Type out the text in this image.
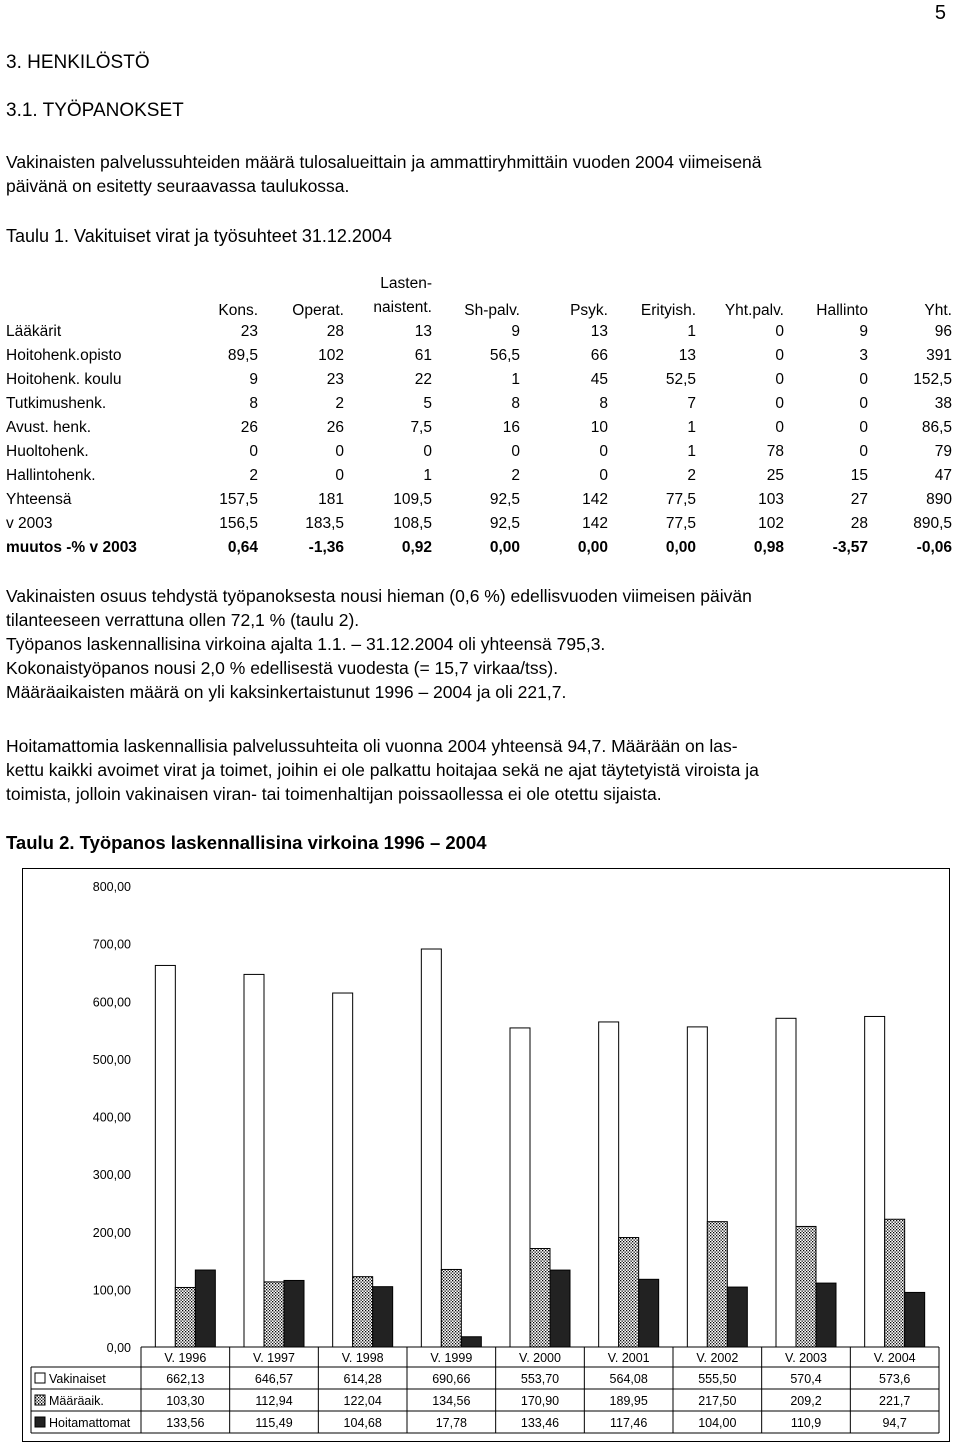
5
3. HENKILÖSTÖ
3.1. TYÖPANOKSET
Vakinaisten palvelussuhteiden määrä tulosalueittain ja ammattiryhmittäin vuoden 2004 viimeisenä
päivänä on esitetty seuraavassa taulukossa.
Taulu 1. Vakituiset virat ja työsuhteet 31.12.2004
	Kons.	Operat.	Lasten-
naistent.	Sh-palv.	Psyk.	Erityish.	Yht.palv.	Hallinto	Yht.
Lääkärit	23	28	13	9	13	1	0	9	96
Hoitohenk.opisto	89,5	102	61	56,5	66	13	0	3	391
Hoitohenk. koulu	9	23	22	1	45	52,5	0	0	152,5
Tutkimushenk.	8	2	5	8	8	7	0	0	38
Avust. henk.	26	26	7,5	16	10	1	0	0	86,5
Huoltohenk.	0	0	0	0	0	1	78	0	79
Hallintohenk.	2	0	1	2	0	2	25	15	47
Yhteensä	157,5	181	109,5	92,5	142	77,5	103	27	890
v 2003	156,5	183,5	108,5	92,5	142	77,5	102	28	890,5
muutos -% v 2003	0,64	-1,36	0,92	0,00	0,00	0,00	0,98	-3,57	-0,06
Vakinaisten osuus tehdystä työpanoksesta nousi hieman (0,6 %) edellisvuoden viimeisen päivän
tilanteeseen verrattuna ollen 72,1 % (taulu 2).
Työpanos laskennallisina virkoina ajalta 1.1. – 31.12.2004 oli yhteensä 795,3.
Kokonaistyöpanos nousi 2,0 % edellisestä vuodesta (= 15,7 virkaa/tss).
Määräaikaisten määrä on yli kaksinkertaistunut 1996 – 2004 ja oli 221,7.
Hoitamattomia laskennallisia palvelussuhteita oli vuonna 2004 yhteensä 94,7. Määrään on las-
kettu kaikki avoimet virat ja toimet, joihin ei ole palkattu hoitajaa sekä ne ajat täytetyistä viroista ja
toimista, jolloin vakinaisen viran- tai toimenhaltijan poissaollessa ei ole otettu sijaista.
Taulu 2. Työpanos laskennallisina virkoina 1996 – 2004
0,00
100,00
200,00
300,00
400,00
500,00
600,00
700,00
800,00
V. 1996	V. 1997	V. 1998	V. 1999	V. 2000	V. 2001	V. 2002	V. 2003	V. 2004
Vakinaiset	662,13	646,57	614,28	690,66	553,70	564,08	555,50	570,4	573,6
Määräaik.	103,30	112,94	122,04	134,56	170,90	189,95	217,50	209,2	221,7
Hoitamattomat	133,56	115,49	104,68	17,78	133,46	117,46	104,00	110,9	94,7
